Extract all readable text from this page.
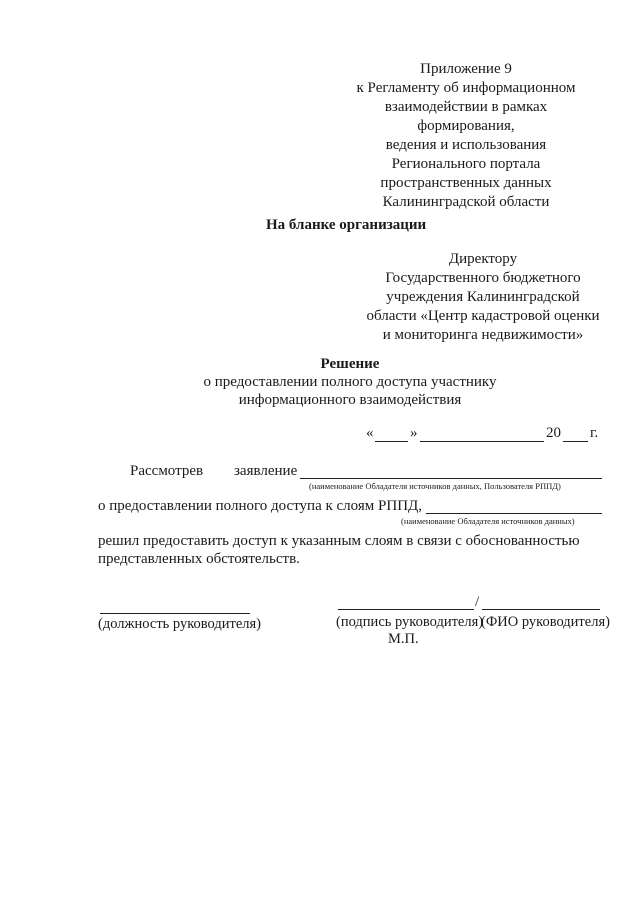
Приложение 9
к Регламенту об информационном
взаимодействии в рамках
формирования,
ведения и использования
Регионального портала
пространственных данных
Калининградской области
На бланке организации
Директору
Государственного бюджетного
учреждения Калининградской
области «Центр кадастровой оценки
и мониторинга недвижимости»
Решение
о предоставлении полного доступа участнику
информационного взаимодействия
« »	20 г.
Рассмотрев заявление
(наименование Обладателя источников данных, Пользователя РППД)
о предоставлении полного доступа к слоям РППД,
(наименование Обладателя источников данных)
решил предоставить доступ к указанным слоям в связи с обоснованностью
представленных обстоятельств.
(должность руководителя)
/
(подпись руководителя)
(ФИО руководителя)
М.П.
